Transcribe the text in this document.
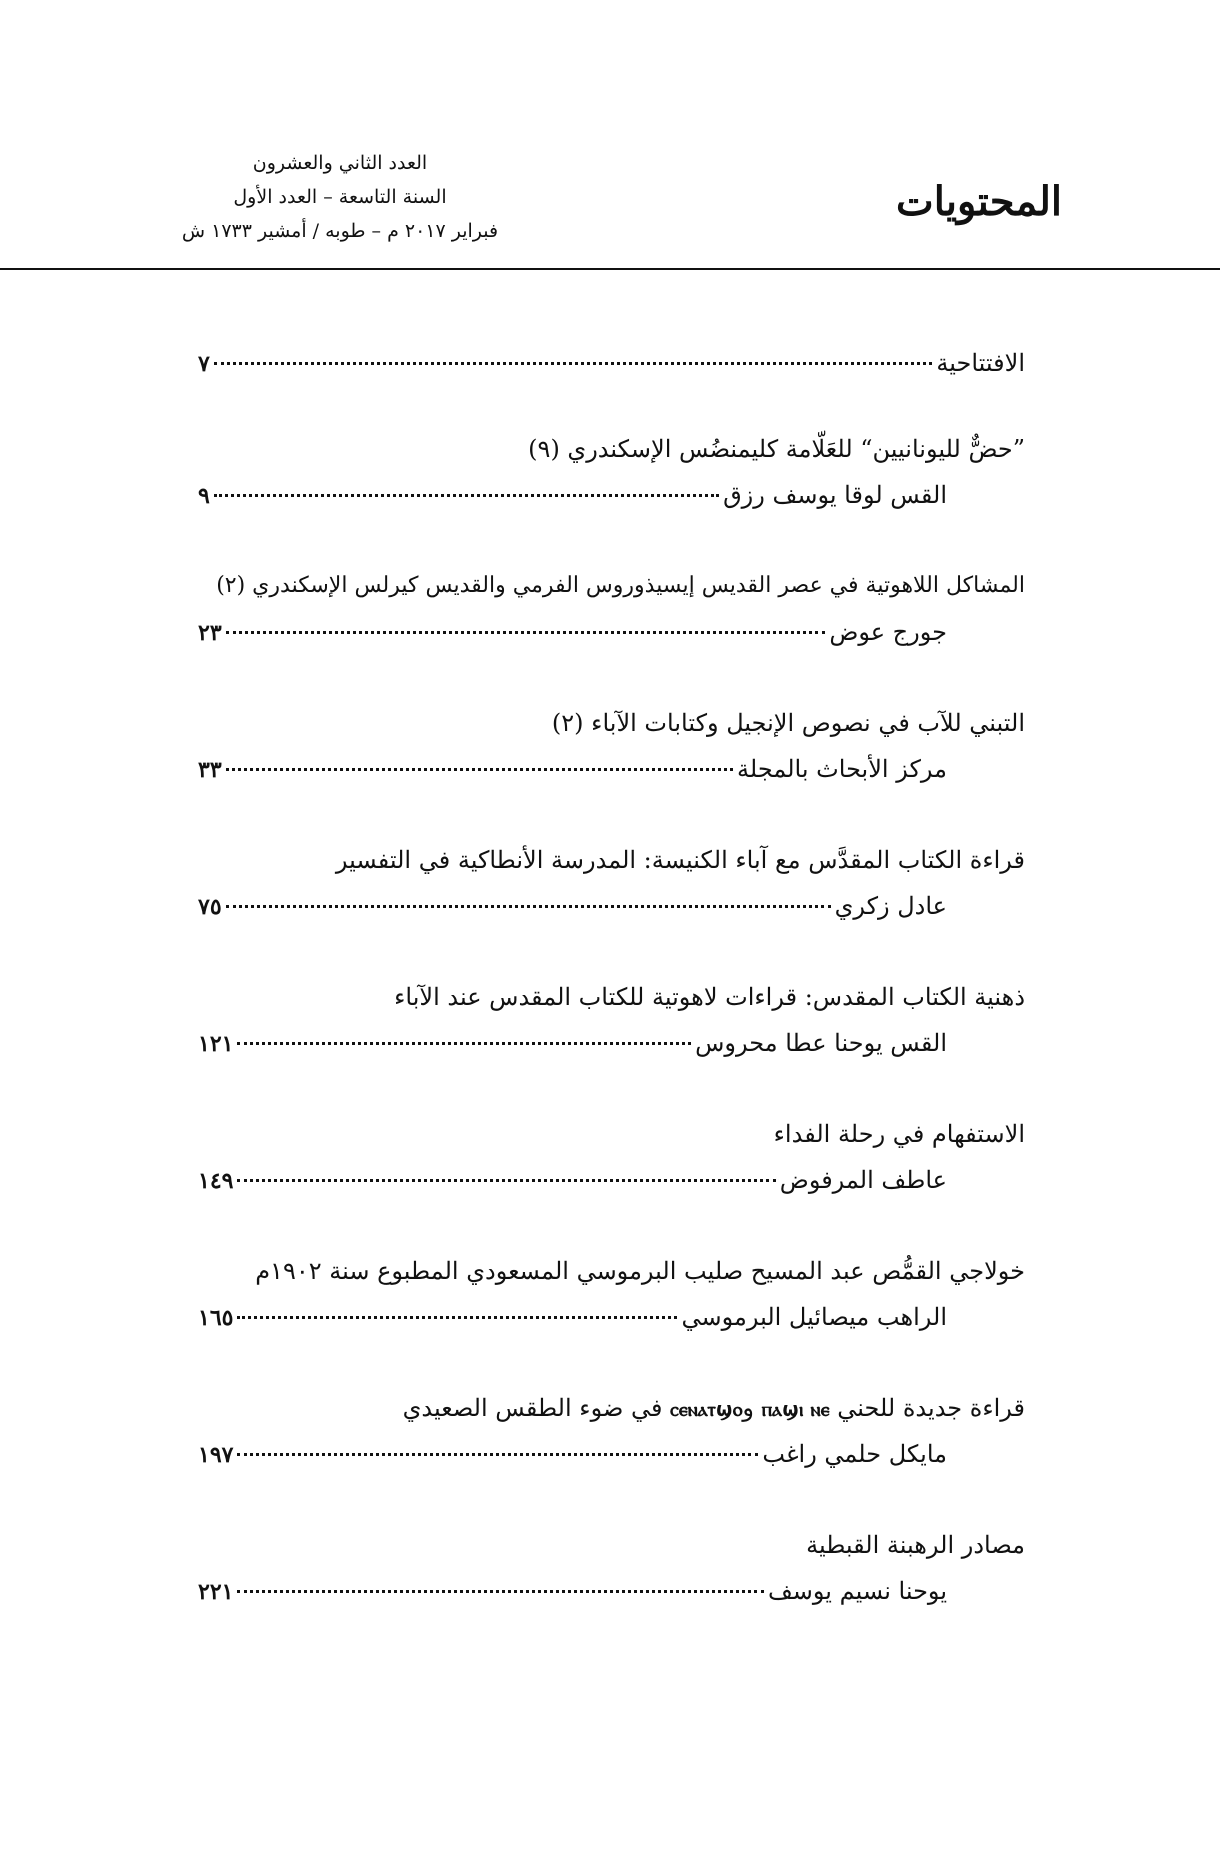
المحتويات
العدد الثاني والعشرون
السنة التاسعة – العدد الأول
فبراير ٢٠١٧ م – طوبه / أمشير ١٧٣٣ ش
الافتتاحية
٧
”حضٌّ لليونانيين“ للعَلّامة كليمنضُس الإسكندري (٩)
القس لوقا يوسف رزق
٩
المشاكل اللاهوتية في عصر القديس إيسيذوروس الفرمي والقديس كيرلس الإسكندري (٢)
جورج عوض
٢٣
التبني للآب في نصوص الإنجيل وكتابات الآباء (٢)
مركز الأبحاث بالمجلة
٣٣
قراءة الكتاب المقدَّس مع آباء الكنيسة: المدرسة الأنطاكية في التفسير
عادل زكري
٧٥
ذهنية الكتاب المقدس: قراءات لاهوتية للكتاب المقدس عند الآباء
القس يوحنا عطا محروس
١٢١
الاستفهام في رحلة الفداء
عاطف المرفوض
١٤٩
خولاجي القمُّص عبد المسيح صليب البرموسي المسعودي المطبوع سنة ١٩٠٢م
الراهب ميصائيل البرموسي
١٦٥
قراءة جديدة للحني ⲡⲁϣⲓ ⲛⲉ وⲥⲉⲛⲁⲧϣⲟ في ضوء الطقس الصعيدي
مايكل حلمي راغب
١٩٧
مصادر الرهبنة القبطية
يوحنا نسيم يوسف
٢٢١
